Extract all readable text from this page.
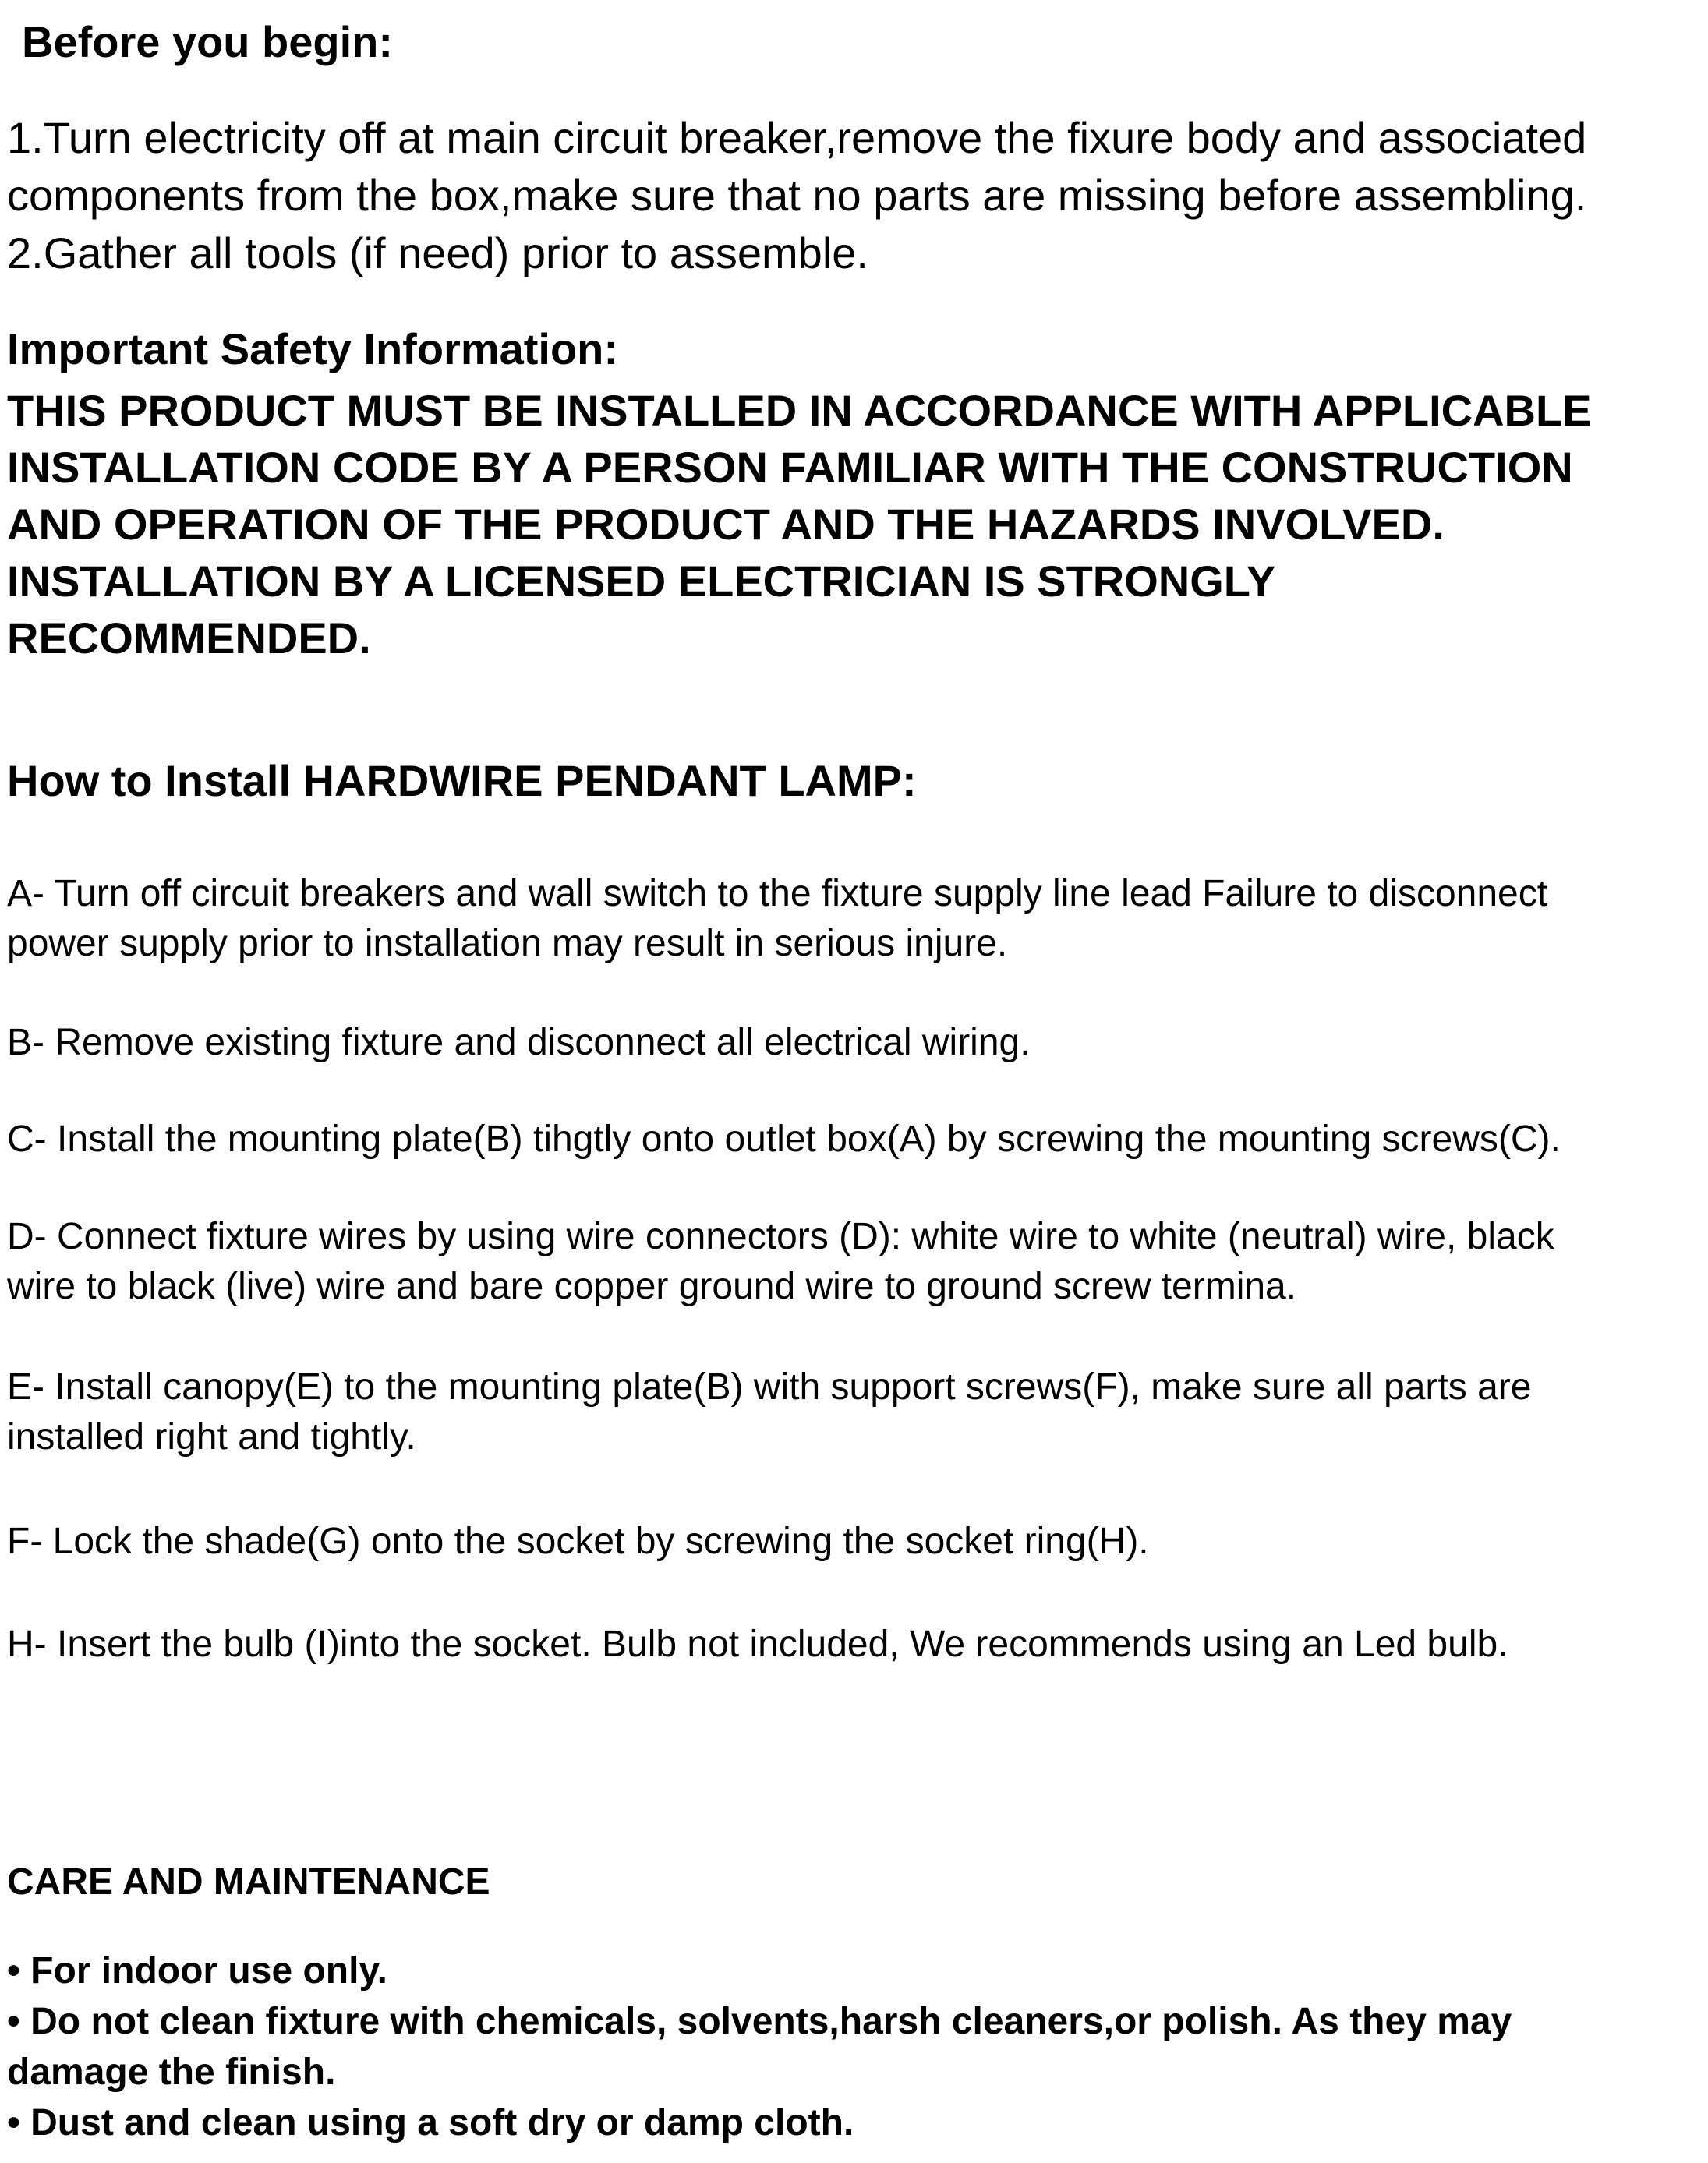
Before you begin:
1.Turn electricity off at main circuit breaker,remove the fixure body and associated
components from the box,make sure that no parts are missing before assembling.
2.Gather all tools (if need) prior to assemble.
Important Safety Information:
THIS PRODUCT MUST BE INSTALLED IN ACCORDANCE WITH APPLICABLE
INSTALLATION CODE BY A PERSON FAMILIAR WITH THE CONSTRUCTION
AND OPERATION OF THE PRODUCT AND THE HAZARDS INVOLVED.
INSTALLATION BY A LICENSED ELECTRICIAN IS STRONGLY
RECOMMENDED.
How to Install HARDWIRE PENDANT LAMP:
A- Turn off circuit breakers and wall switch to the fixture supply line lead Failure to disconnect
power supply prior to installation may result in serious injure.
B- Remove existing fixture and disconnect all electrical wiring.
C- Install the mounting plate(B) tihgtly onto outlet box(A) by screwing the mounting screws(C).
D- Connect fixture wires by using wire connectors (D): white wire to white (neutral) wire, black
wire to black (live) wire and bare copper ground wire to ground screw termina.
E- Install canopy(E) to the mounting plate(B) with support screws(F), make sure all parts are
installed right and tightly.
F- Lock the shade(G) onto the socket by screwing the socket ring(H).
H- Insert the bulb (I)into the socket. Bulb not included, We recommends using an Led bulb.
CARE AND MAINTENANCE
• For indoor use only.
• Do not clean fixture with chemicals, solvents,harsh cleaners,or polish. As they may
damage the finish.
• Dust and clean using a soft dry or damp cloth.
